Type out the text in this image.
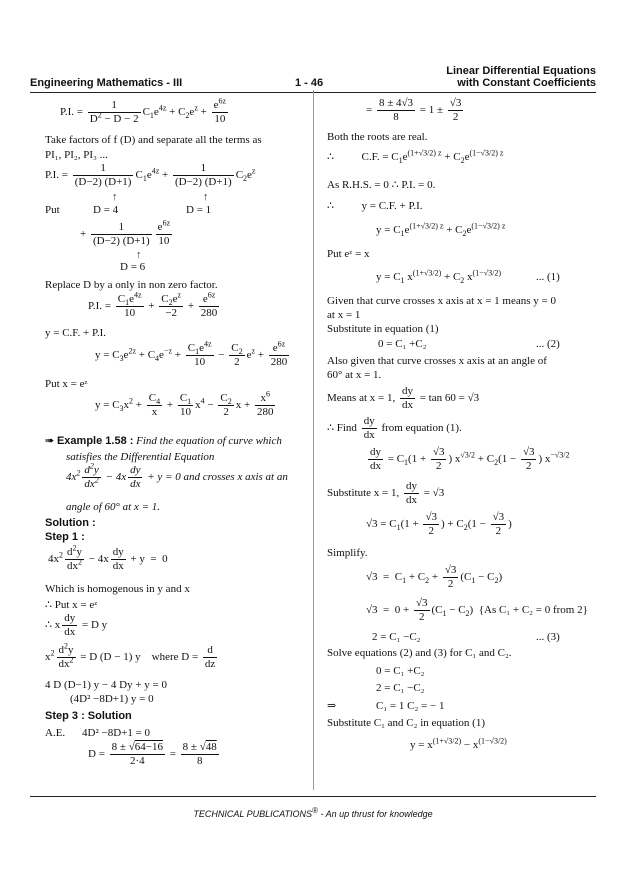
Engineering Mathematics - III	1 - 46
Linear Differential Equations
with Constant Coefficients
P.I. = $\frac{1}{D^2 - D - 2} C_1e^{4z} + C_2e^z + \frac{e^{6z}}{10}$
Take factors of f (D) and separate all the terms as
PI₁, PI₂, PI₃ ...
P.I. = $\frac{1}{(D-2) (D+1)} C_1e^{4z} + \frac{1}{(D-2) (D+1)} C_2e^z$
↑	↑
Put	D = 4	D = 1
+ $\frac{1}{(D-2) (D+1)} \frac{e^{6z}}{10}$
↑
D = 6
Replace D by a only in non zero factor.
P.I. = $\frac{C_1e^{4z}}{10} + \frac{C_2e^z}{-2} + \frac{e^{6z}}{280}$
y = C.F. + P.I.
$y = C_3e^{2z} + C_4e^{-z} + \frac{C_1e^{4z}}{10} - \frac{C_2}{2} e^z + \frac{e^{6z}}{280}$
Put x = eᶻ
$y = C_3x^2 + \frac{C_4}{x} + \frac{C_1}{10} x^4 - \frac{C_2}{2}$ $x + \frac{x^6}{280}$
➠ Example 1.58 : Find the equation of curve which
satisfies the Differential Equation
$4x^2 \frac{d^2y}{dx^2} - 4x \frac{dy}{dx} + y = 0$ and crosses x axis at an
angle of 60° at x = 1.
Solution :
Step 1 :
$4x^2 \frac{d^2y}{dx^2} - 4x \frac{dy}{dx} + y = 0$
Which is homogenous in y and x
∴ Put x = eᶻ
∴ x $\frac{dy}{dx} = D$ y
$x^2 \frac{d^2y}{dx^2} = D$ (D − 1) y    where $D = \frac{d}{dz}$
4 D (D−1) y − 4 Dy + y = 0
(4D² −8D+1) y = 0
Step 3 : Solution
A.E. 4D² −8D+1 = 0
$D = \frac{8 \pm √64-16}{2\cdot 4} = \frac{8 \pm √48}{8}$
= $\frac{8 \pm 4√3}{8} = 1 \pm \frac{√3}{2}$
Both the roots are real.
∴          C.F. = $C_1e^{(1+√3/2) z} + C_2e^{(1-√3/2) z}$
As R.H.S. = 0 ∴ P.I. = 0.
∴          y = C.F. + P.I.
$y = C_1e^{(1+√3/2) z} + C_2e^{(1-√3/2) z}$
Put eᶻ = x
$y = C_1$ $x^{(1+√3/2)} + C_2$ $x^{(1-√3/2)}$	... (1)
Given that curve crosses x axis at x = 1 means y = 0
at x = 1
Substitute in equation (1)
0 = C₁ +C₂	... (2)
Also given that curve crosses x axis at an angle of
60° at x = 1.
Means at x = 1, $\frac{dy}{dx} = \tan 60 = √3$
∴ Find $\frac{dy}{dx}$ from equation (1).
$\frac{dy}{dx} = C_1(1 + \frac{√3}{2}$ ) $x^{√3/2} + C_2(1 - \frac{√3}{2}$ ) $x^{-√3/2}$
Substitute x = 1, $\frac{dy}{dx} = √3$
$√3 = C_1(1 + \frac{√3}{2}$ ) + $C_2(1 - \frac{√3}{2}$ )
Simplify.
$√3 = C_1 + C_2 + \frac{√3}{2} (C_1 - C_2)$
$√3 = 0 + \frac{√3}{2} (C_1 - C_2)$  {As C₁ + C₂ = 0 from 2}
2 = C₁ −C₂	... (3)
Solve equations (2) and (3) for C₁ and C₂.
0 = C₁ +C₂
2 = C₁ −C₂
⇒	C₁ = 1 C₂ = − 1
Substitute C₁ and C₂ in equation (1)
$y = x^{(1+√3/2)} - x^{(1-√3/2)}$
TECHNICAL PUBLICATIONS® - An up thrust for knowledge
